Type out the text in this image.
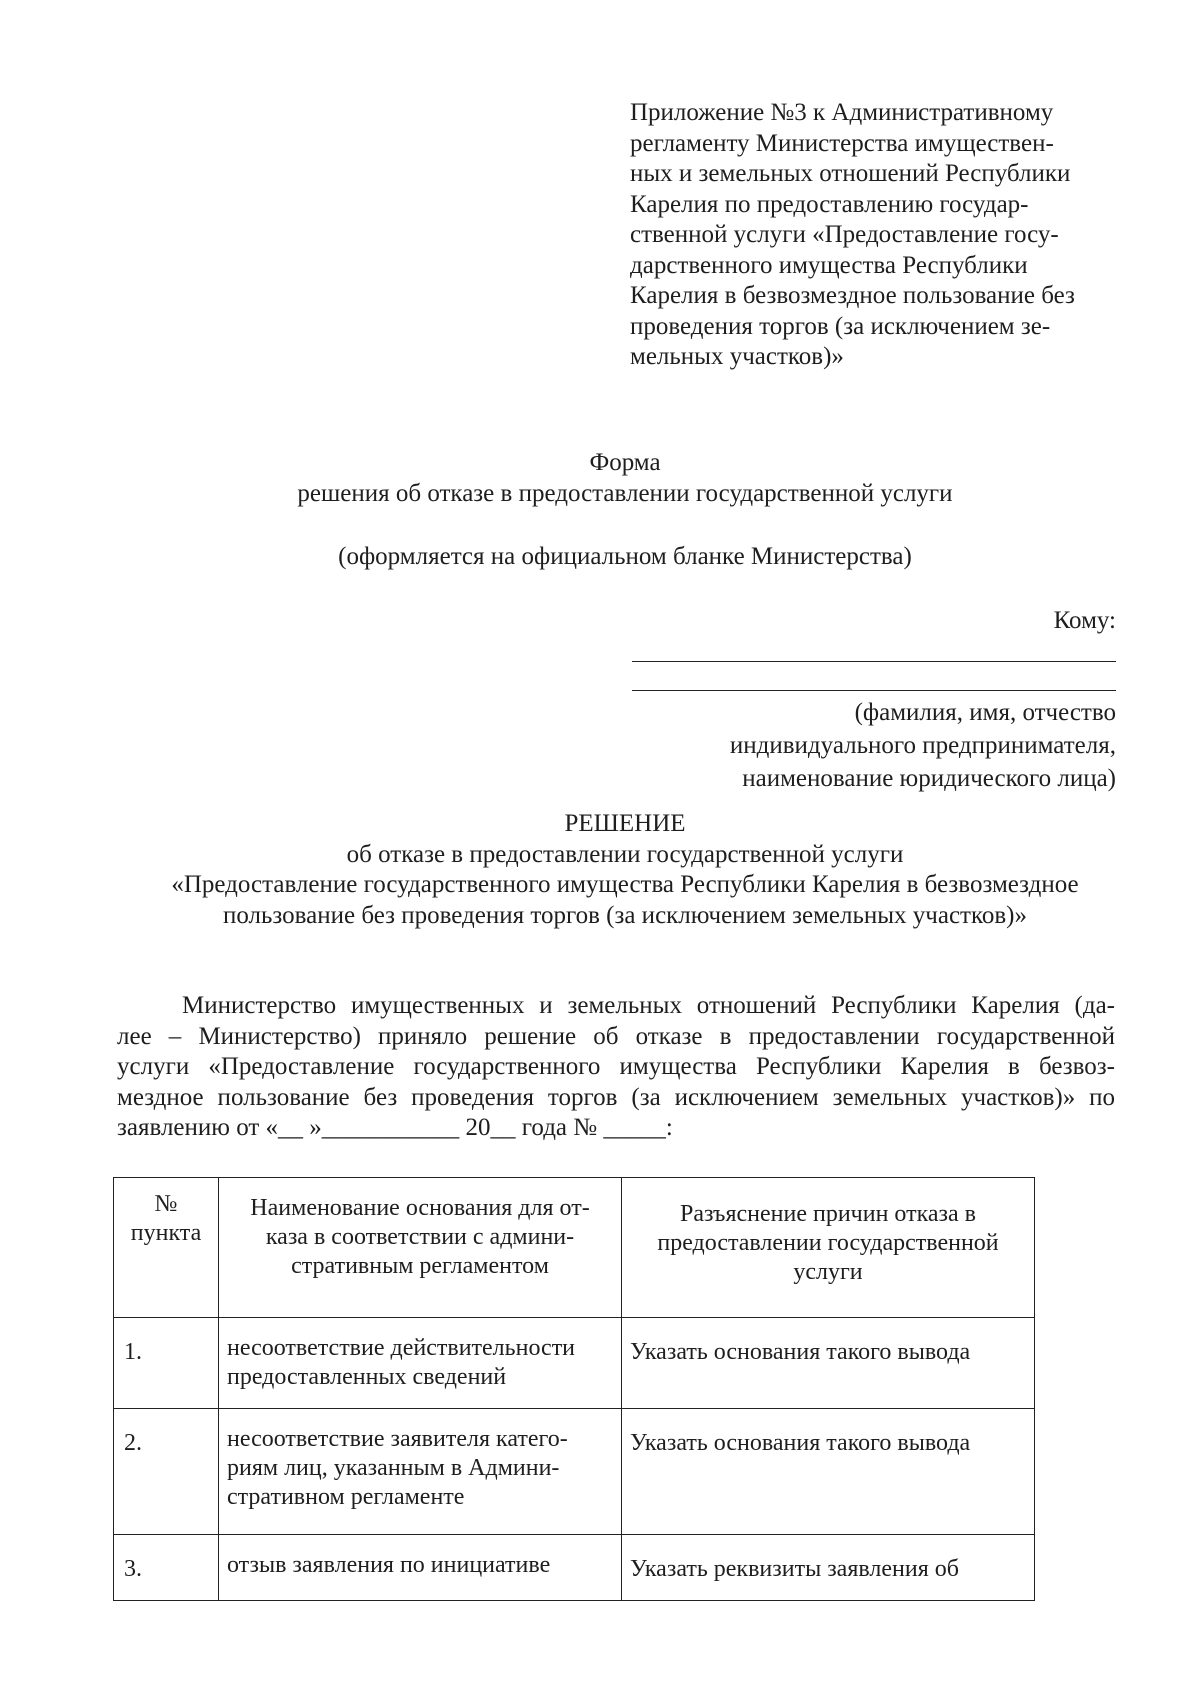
Приложение №3 к Административному
регламенту Министерства имуществен-
ных и земельных отношений Республики
Карелия по предоставлению государ-
ственной услуги «Предоставление госу-
дарственного имущества Республики
Карелия в безвозмездное пользование без
проведения торгов (за исключением зе-
мельных участков)»
Форма
решения об отказе в предоставлении государственной услуги
(оформляется на официальном бланке Министерства)
Кому:
(фамилия, имя, отчество
индивидуального предпринимателя,
наименование юридического лица)
РЕШЕНИЕ
об отказе в предоставлении государственной услуги
«Предоставление государственного имущества Республики Карелия в безвозмездное
пользование без проведения торгов (за исключением земельных участков)»
Министерство имущественных и земельных отношений Республики Карелия (да-
лее – Министерство) приняло решение об отказе в предоставлении государственной
услуги «Предоставление государственного имущества Республики Карелия в безвоз-
мездное пользование без проведения торгов (за исключением земельных участков)» по
заявлению от «__ »___________ 20__ года № _____:
№
пункта	Наименование основания для от-
каза в соответствии с админи-
стративным регламентом	Разъяснение причин отказа в
предоставлении государственной
услуги

1.	несоответствие действительности
предоставленных сведений	Указать основания такого вывода

2.	несоответствие заявителя катего-
риям лиц, указанным в Админи-
стративном регламенте	Указать основания такого вывода

3.	отзыв заявления по инициативе	Указать реквизиты заявления об
